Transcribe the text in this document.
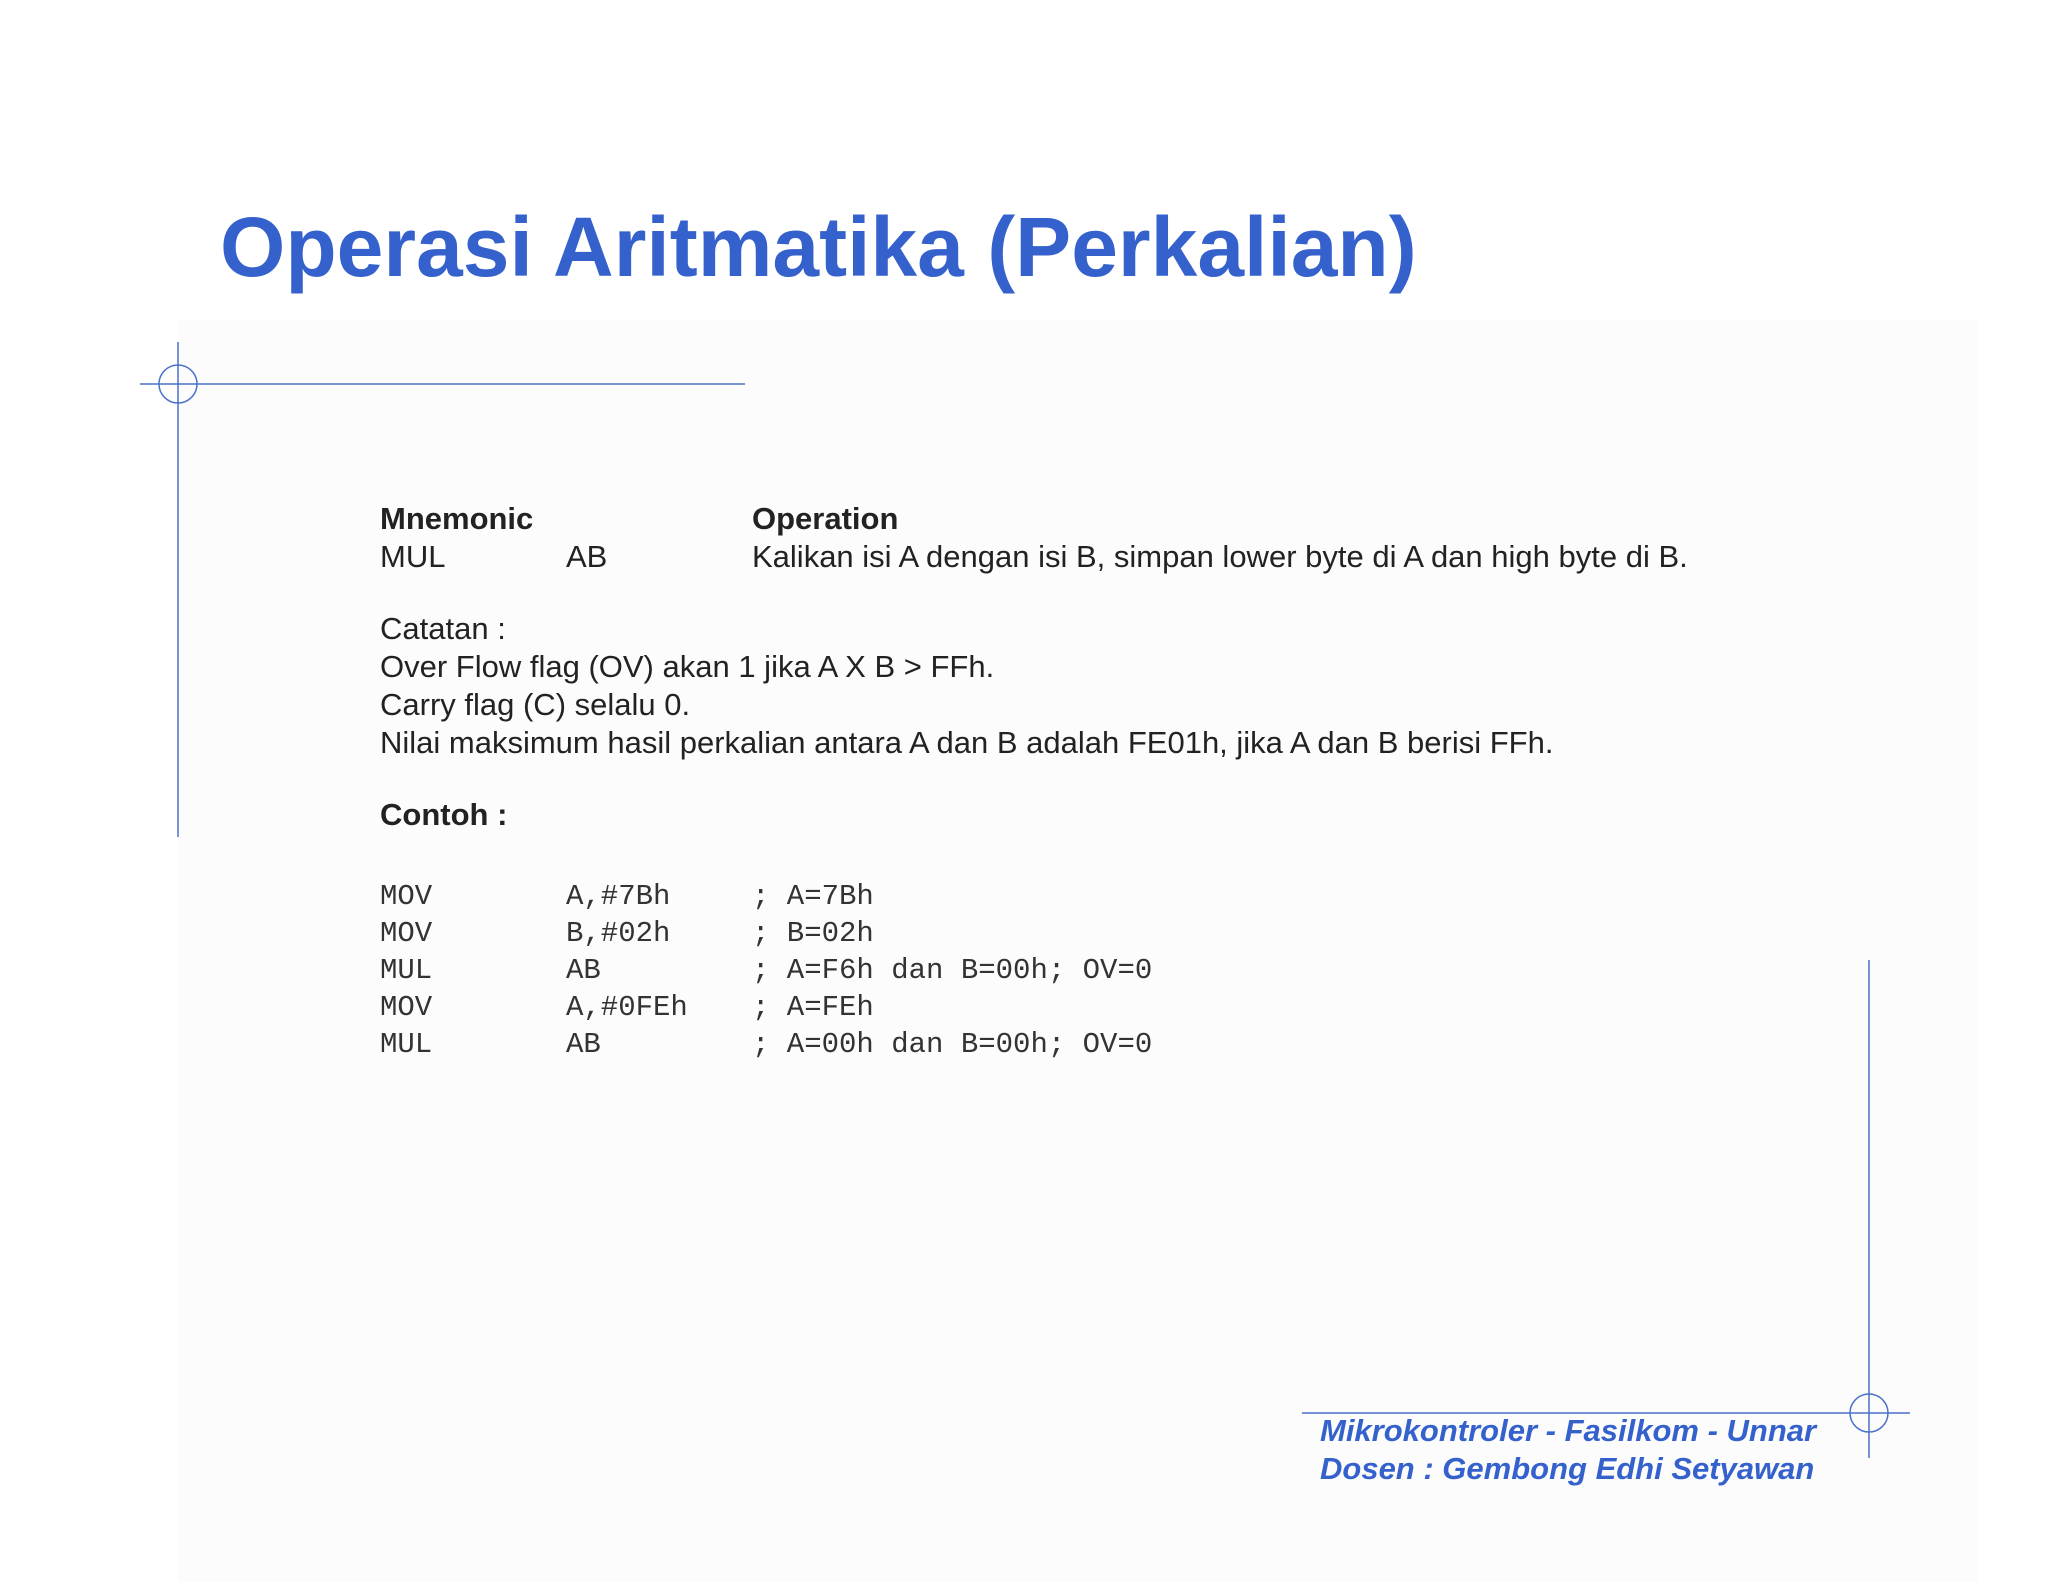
Operasi Aritmatika (Perkalian)
Mnemonic	Operation
MUL	AB	Kalikan isi A dengan isi B, simpan lower byte di A dan high byte di B.
Catatan :
Over Flow flag (OV) akan 1 jika A X B > FFh.
Carry flag (C) selalu 0.
Nilai maksimum hasil perkalian antara A dan B adalah FE01h, jika A dan B berisi FFh.
Contoh :
MOV	A,#7Bh	; A=7Bh
MOV	B,#02h	; B=02h
MUL	AB	; A=F6h dan B=00h; OV=0
MOV	A,#0FEh ; A=FEh
MUL	AB	; A=00h dan B=00h; OV=0
Mikrokontroler - Fasilkom - Unnar
Dosen : Gembong Edhi Setyawan
